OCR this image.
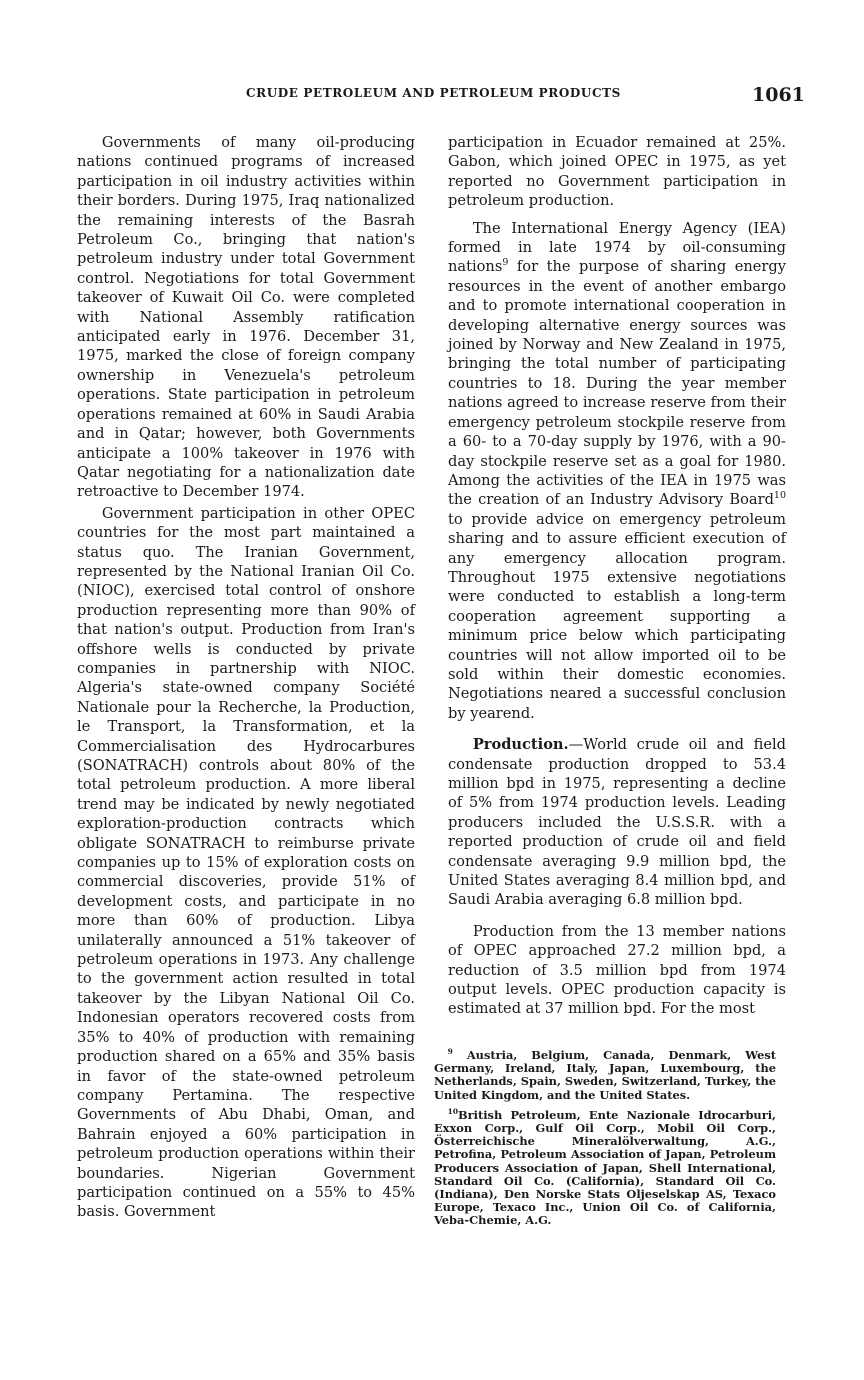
CRUDE PETROLEUM AND PETROLEUM PRODUCTS	1061

Governments of many oil-producing nations continued programs of increased participation in oil industry activities within their borders. During 1975, Iraq nationalized the remaining interests of the Basrah Petroleum Co., bringing that nation's petroleum industry under total Government control. Negotiations for total Government takeover of Kuwait Oil Co. were completed with National Assembly ratification anticipated early in 1976. December 31, 1975, marked the close of foreign company ownership in Venezuela's petroleum operations. State participation in petroleum operations remained at 60% in Saudi Arabia and in Qatar; however, both Governments anticipate a 100% takeover in 1976 with Qatar negotiating for a nationalization date retroactive to December 1974.

Government participation in other OPEC countries for the most part maintained a status quo. The Iranian Government, represented by the National Iranian Oil Co. (NIOC), exercised total control of onshore production representing more than 90% of that nation's output. Production from Iran's offshore wells is conducted by private companies in partnership with NIOC. Algeria's state-owned company Société Nationale pour la Recherche, la Production, le Transport, la Transformation, et la Commercialisation des Hydrocarbures (SONATRACH) controls about 80% of the total petroleum production. A more liberal trend may be indicated by newly negotiated exploration-production contracts which obligate SONATRACH to reimburse private companies up to 15% of exploration costs on commercial discoveries, provide 51% of development costs, and participate in no more than 60% of production. Libya unilaterally announced a 51% takeover of petroleum operations in 1973. Any challenge to the government action resulted in total takeover by the Libyan National Oil Co. Indonesian operators recovered costs from 35% to 40% of production with remaining production shared on a 65% and 35% basis in favor of the state-owned petroleum company Pertamina. The respective Governments of Abu Dhabi, Oman, and Bahrain enjoyed a 60% participation in petroleum production operations within their boundaries. Nigerian Government participation continued on a 55% to 45% basis. Government

participation in Ecuador remained at 25%. Gabon, which joined OPEC in 1975, as yet reported no Government participation in petroleum production.

The International Energy Agency (IEA) formed in late 1974 by oil-consuming nations$^9$ for the purpose of sharing energy resources in the event of another embargo and to promote international cooperation in developing alternative energy sources was joined by Norway and New Zealand in 1975, bringing the total number of participating countries to 18. During the year member nations agreed to increase reserve from their emergency petroleum stockpile reserve from a 60- to a 70-day supply by 1976, with a 90-day stockpile reserve set as a goal for 1980. Among the activities of the IEA in 1975 was the creation of an Industry Advisory Board$^{10}$ to provide advice on emergency petroleum sharing and to assure efficient execution of any emergency allocation program. Throughout 1975 extensive negotiations were conducted to establish a long-term cooperation agreement supporting a minimum price below which participating countries will not allow imported oil to be sold within their domestic economies. Negotiations neared a successful conclusion by yearend.

Production.—World crude oil and field condensate production dropped to 53.4 million bpd in 1975, representing a decline of 5% from 1974 production levels. Leading producers included the U.S.S.R. with a reported production of crude oil and field condensate averaging 9.9 million bpd, the United States averaging 8.4 million bpd, and Saudi Arabia averaging 6.8 million bpd.

Production from the 13 member nations of OPEC approached 27.2 million bpd, a reduction of 3.5 million bpd from 1974 output levels. OPEC production capacity is estimated at 37 million bpd. For the most

$^9$ Austria, Belgium, Canada, Denmark, West Germany, Ireland, Italy, Japan, Luxembourg, the Netherlands, Spain, Sweden, Switzerland, Turkey, the United Kingdom, and the United States.

$^{10}$British Petroleum, Ente Nazionale Idrocarburi, Exxon Corp., Gulf Oil Corp., Mobil Oil Corp., Österreichische Mineralölverwaltung, A.G., Petrofina, Petroleum Association of Japan, Petroleum Producers Association of Japan, Shell International, Standard Oil Co. (California), Standard Oil Co. (Indiana), Den Norske Stats Oljeselskap AS, Texaco Europe, Texaco Inc., Union Oil Co. of California, Veba-Chemie, A.G.
